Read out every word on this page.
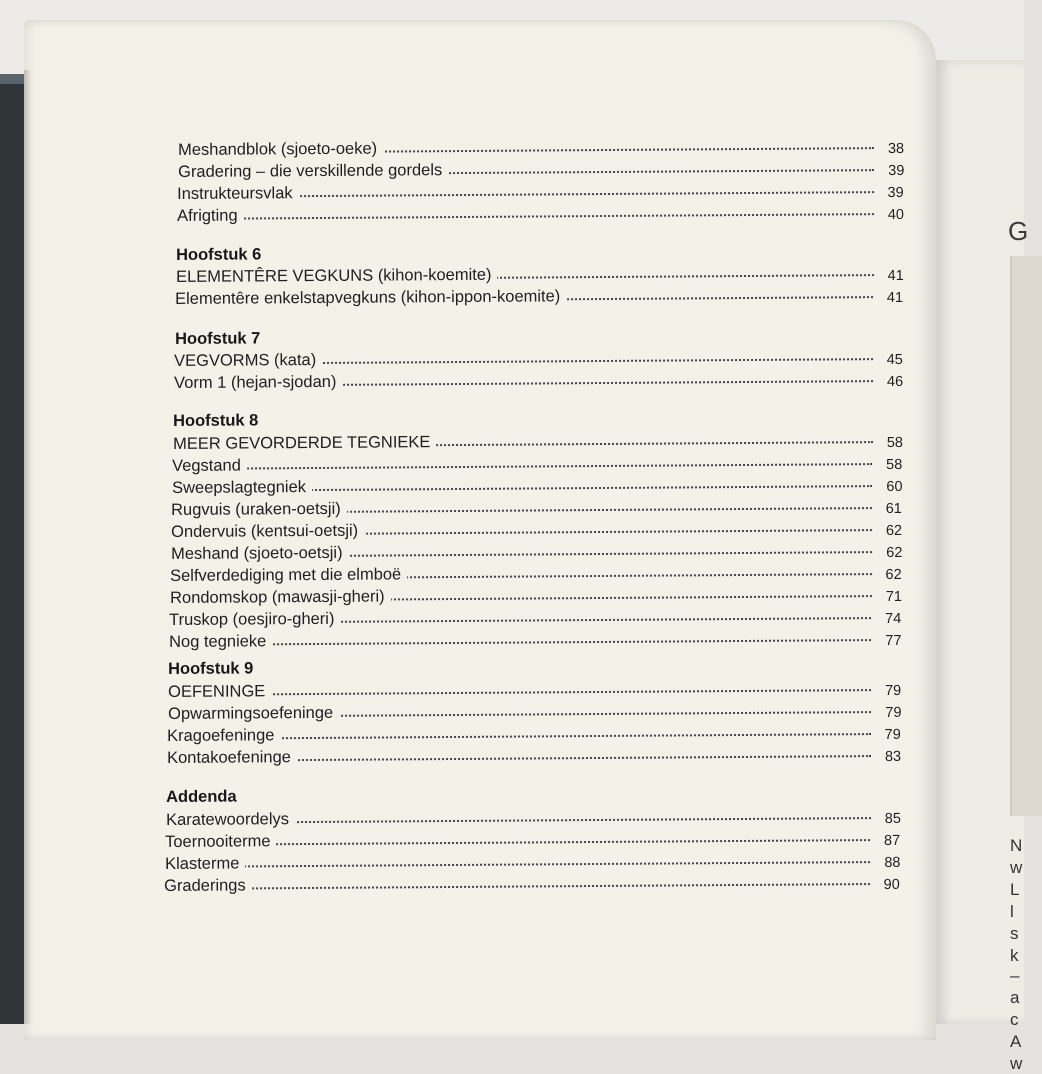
G
N
w
L
l
s
k
–
a
c
A
w
Meshandblok (sjoeto-oeke)	38
Gradering – die verskillende gordels	39
Instrukteursvlak	39
Afrigting	40
Hoofstuk 6
ELEMENTÊRE VEGKUNS (kihon-koemite)	41
Elementêre enkelstapvegkuns (kihon-ippon-koemite)	41
Hoofstuk 7
VEGVORMS (kata)	45
Vorm 1 (hejan-sjodan)	46
Hoofstuk 8
MEER GEVORDERDE TEGNIEKE	58
Vegstand	58
Sweepslagtegniek	60
Rugvuis (uraken-oetsji)	61
Ondervuis (kentsui-oetsji)	62
Meshand (sjoeto-oetsji)	62
Selfverdediging met die elmboë	62
Rondomskop (mawasji-gheri)	71
Truskop (oesjiro-gheri)	74
Nog tegnieke	77
Hoofstuk 9
OEFENINGE	79
Opwarmingsoefeninge	79
Kragoefeninge	79
Kontakoefeninge	83
Addenda
Karatewoordelys	85
Toernooiterme	87
Klasterme	88
Graderings	90
